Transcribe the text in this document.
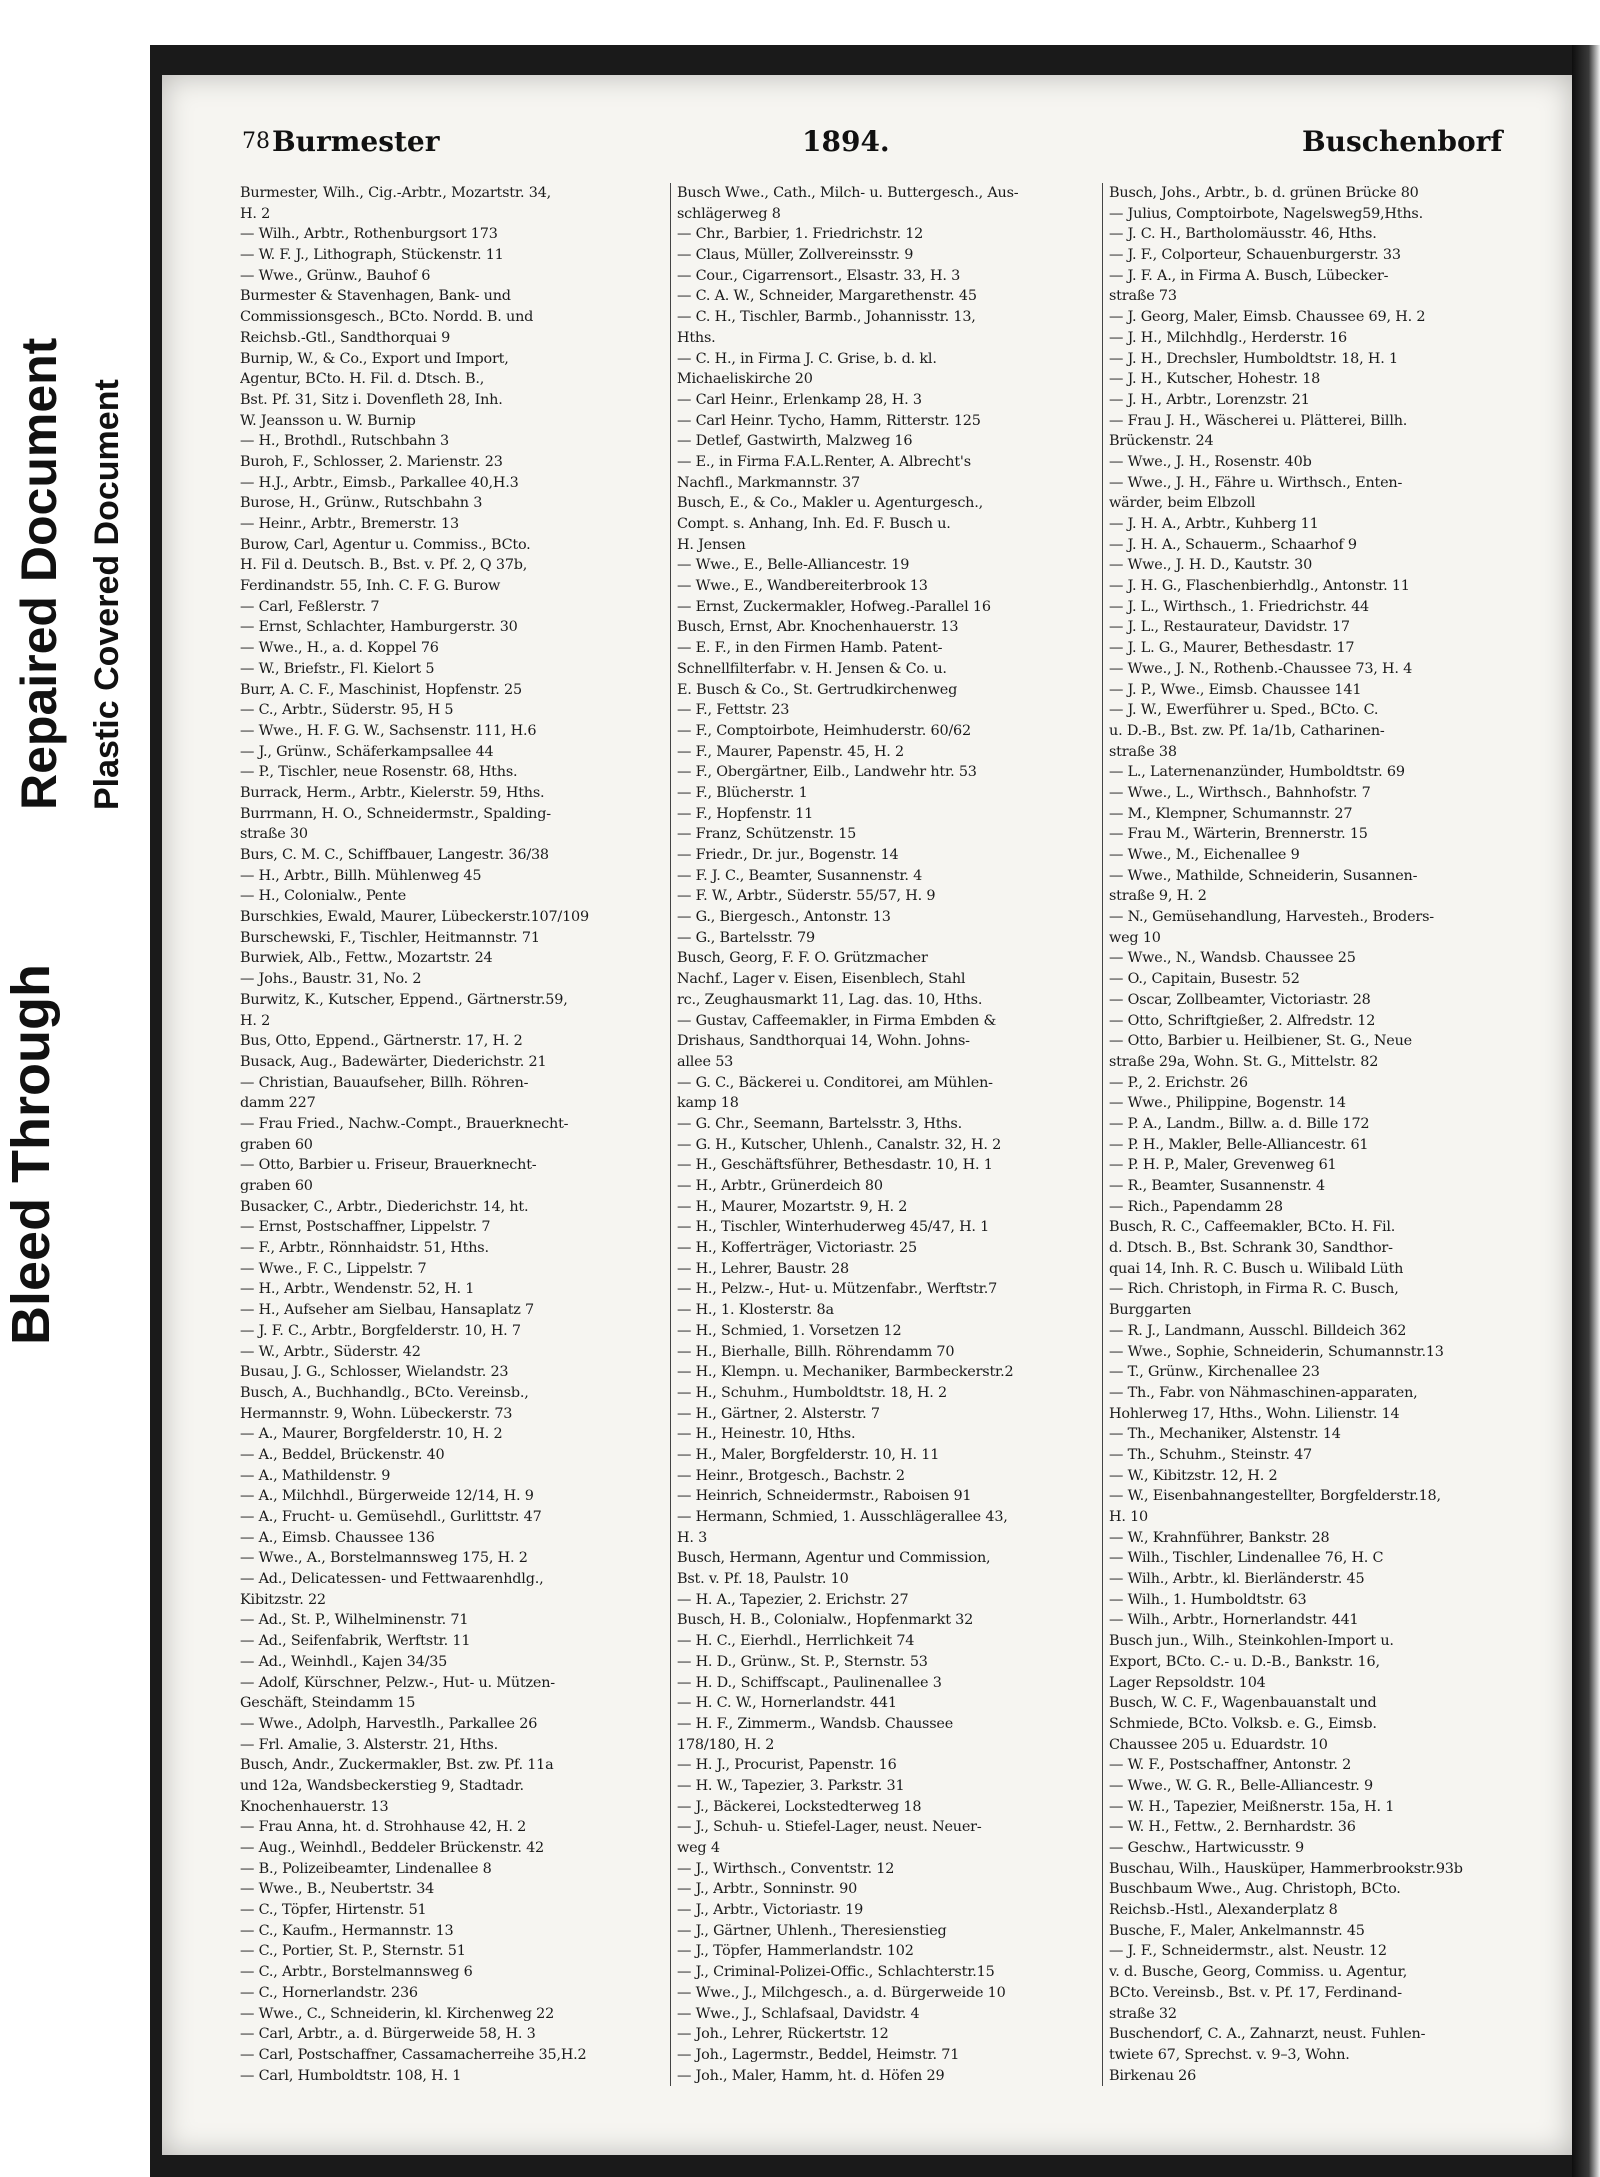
Bleed Through
Repaired Document Plastic Covered Document
78 Burmester	1894.	Buschenborf
Burmester, Wilh., Cig.-Arbtr., Mozartstr. 34,
H. 2
— Wilh., Arbtr., Rothenburgsort 173
— W. F. J., Lithograph, Stückenstr. 11
— Wwe., Grünw., Bauhof 6
Burmester & Stavenhagen, Bank- und
Commissionsgesch., BCto. Nordd. B. und
Reichsb.-Gtl., Sandthorquai 9
Burnip, W., & Co., Export und Import,
Agentur, BCto. H. Fil. d. Dtsch. B.,
Bst. Pf. 31, Sitz i. Dovenfleth 28, Inh.
W. Jeansson u. W. Burnip
— H., Brothdl., Rutschbahn 3
Buroh, F., Schlosser, 2. Marienstr. 23
— H.J., Arbtr., Eimsb., Parkallee 40,H.3
Burose, H., Grünw., Rutschbahn 3
— Heinr., Arbtr., Bremerstr. 13
Burow, Carl, Agentur u. Commiss., BCto.
H. Fil d. Deutsch. B., Bst. v. Pf. 2, Q 37b,
Ferdinandstr. 55, Inh. C. F. G. Burow
— Carl, Feßlerstr. 7
— Ernst, Schlachter, Hamburgerstr. 30
— Wwe., H., a. d. Koppel 76
— W., Briefstr., Fl. Kielort 5
Burr, A. C. F., Maschinist, Hopfenstr. 25
— C., Arbtr., Süderstr. 95, H 5
— Wwe., H. F. G. W., Sachsenstr. 111, H.6
— J., Grünw., Schäferkampsallee 44
— P., Tischler, neue Rosenstr. 68, Hths.
Burrack, Herm., Arbtr., Kielerstr. 59, Hths.
Burrmann, H. O., Schneidermstr., Spalding-
straße 30
Burs, C. M. C., Schiffbauer, Langestr. 36/38
— H., Arbtr., Billh. Mühlenweg 45
— H., Colonialw., Pente
Burschkies, Ewald, Maurer, Lübeckerstr.107/109
Burschewski, F., Tischler, Heitmannstr. 71
Burwiek, Alb., Fettw., Mozartstr. 24
— Johs., Baustr. 31, No. 2
Burwitz, K., Kutscher, Eppend., Gärtnerstr.59,
H. 2
Bus, Otto, Eppend., Gärtnerstr. 17, H. 2
Busack, Aug., Badewärter, Diederichstr. 21
— Christian, Bauaufseher, Billh. Röhren-
damm 227
— Frau Fried., Nachw.-Compt., Brauerknecht-
graben 60
— Otto, Barbier u. Friseur, Brauerknecht-
graben 60
Busacker, C., Arbtr., Diederichstr. 14, ht.
— Ernst, Postschaffner, Lippelstr. 7
— F., Arbtr., Rönnhaidstr. 51, Hths.
— Wwe., F. C., Lippelstr. 7
— H., Arbtr., Wendenstr. 52, H. 1
— H., Aufseher am Sielbau, Hansaplatz 7
— J. F. C., Arbtr., Borgfelderstr. 10, H. 7
— W., Arbtr., Süderstr. 42
Busau, J. G., Schlosser, Wielandstr. 23
Busch, A., Buchhandlg., BCto. Vereinsb.,
Hermannstr. 9, Wohn. Lübeckerstr. 73
— A., Maurer, Borgfelderstr. 10, H. 2
— A., Beddel, Brückenstr. 40
— A., Mathildenstr. 9
— A., Milchhdl., Bürgerweide 12/14, H. 9
— A., Frucht- u. Gemüsehdl., Gurlittstr. 47
— A., Eimsb. Chaussee 136
— Wwe., A., Borstelmannsweg 175, H. 2
— Ad., Delicatessen- und Fettwaarenhdlg.,
Kibitzstr. 22
— Ad., St. P., Wilhelminenstr. 71
— Ad., Seifenfabrik, Werftstr. 11
— Ad., Weinhdl., Kajen 34/35
— Adolf, Kürschner, Pelzw.-, Hut- u. Mützen-
Geschäft, Steindamm 15
— Wwe., Adolph, Harvestlh., Parkallee 26
— Frl. Amalie, 3. Alsterstr. 21, Hths.
Busch, Andr., Zuckermakler, Bst. zw. Pf. 11a
und 12a, Wandsbeckerstieg 9, Stadtadr.
Knochenhauerstr. 13
— Frau Anna, ht. d. Strohhause 42, H. 2
— Aug., Weinhdl., Beddeler Brückenstr. 42
— B., Polizeibeamter, Lindenallee 8
— Wwe., B., Neubertstr. 34
— C., Töpfer, Hirtenstr. 51
— C., Kaufm., Hermannstr. 13
— C., Portier, St. P., Sternstr. 51
— C., Arbtr., Borstelmannsweg 6
— C., Hornerlandstr. 236
— Wwe., C., Schneiderin, kl. Kirchenweg 22
— Carl, Arbtr., a. d. Bürgerweide 58, H. 3
— Carl, Postschaffner, Cassamacherreihe 35,H.2
— Carl, Humboldtstr. 108, H. 1
Busch Wwe., Cath., Milch- u. Buttergesch., Aus-
schlägerweg 8
— Chr., Barbier, 1. Friedrichstr. 12
— Claus, Müller, Zollvereinsstr. 9
— Cour., Cigarrensort., Elsastr. 33, H. 3
— C. A. W., Schneider, Margarethenstr. 45
— C. H., Tischler, Barmb., Johannisstr. 13,
Hths.
— C. H., in Firma J. C. Grise, b. d. kl.
Michaeliskirche 20
— Carl Heinr., Erlenkamp 28, H. 3
— Carl Heinr. Tycho, Hamm, Ritterstr. 125
— Detlef, Gastwirth, Malzweg 16
— E., in Firma F.A.L.Renter, A. Albrecht's
Nachfl., Markmannstr. 37
Busch, E., & Co., Makler u. Agenturgesch.,
Compt. s. Anhang, Inh. Ed. F. Busch u.
H. Jensen
— Wwe., E., Belle-Alliancestr. 19
— Wwe., E., Wandbereiterbrook 13
— Ernst, Zuckermakler, Hofweg.-Parallel 16
Busch, Ernst, Abr. Knochenhauerstr. 13
— E. F., in den Firmen Hamb. Patent-
Schnellfilterfabr. v. H. Jensen & Co. u.
E. Busch & Co., St. Gertrudkirchenweg
— F., Fettstr. 23
— F., Comptoirbote, Heimhuderstr. 60/62
— F., Maurer, Papenstr. 45, H. 2
— F., Obergärtner, Eilb., Landwehr htr. 53
— F., Blücherstr. 1
— F., Hopfenstr. 11
— Franz, Schützenstr. 15
— Friedr., Dr. jur., Bogenstr. 14
— F. J. C., Beamter, Susannenstr. 4
— F. W., Arbtr., Süderstr. 55/57, H. 9
— G., Biergesch., Antonstr. 13
— G., Bartelsstr. 79
Busch, Georg, F. F. O. Grützmacher
Nachf., Lager v. Eisen, Eisenblech, Stahl
rc., Zeughausmarkt 11, Lag. das. 10, Hths.
— Gustav, Caffeemakler, in Firma Embden &
Drishaus, Sandthorquai 14, Wohn. Johns-
allee 53
— G. C., Bäckerei u. Conditorei, am Mühlen-
kamp 18
— G. Chr., Seemann, Bartelsstr. 3, Hths.
— G. H., Kutscher, Uhlenh., Canalstr. 32, H. 2
— H., Geschäftsführer, Bethesdastr. 10, H. 1
— H., Arbtr., Grünerdeich 80
— H., Maurer, Mozartstr. 9, H. 2
— H., Tischler, Winterhuderweg 45/47, H. 1
— H., Kofferträger, Victoriastr. 25
— H., Lehrer, Baustr. 28
— H., Pelzw.-, Hut- u. Mützenfabr., Werftstr.7
— H., 1. Klosterstr. 8a
— H., Schmied, 1. Vorsetzen 12
— H., Bierhalle, Billh. Röhrendamm 70
— H., Klempn. u. Mechaniker, Barmbeckerstr.2
— H., Schuhm., Humboldtstr. 18, H. 2
— H., Gärtner, 2. Alsterstr. 7
— H., Heinestr. 10, Hths.
— H., Maler, Borgfelderstr. 10, H. 11
— Heinr., Brotgesch., Bachstr. 2
— Heinrich, Schneidermstr., Raboisen 91
— Hermann, Schmied, 1. Ausschlägerallee 43,
H. 3
Busch, Hermann, Agentur und Commission,
Bst. v. Pf. 18, Paulstr. 10
— H. A., Tapezier, 2. Erichstr. 27
Busch, H. B., Colonialw., Hopfenmarkt 32
— H. C., Eierhdl., Herrlichkeit 74
— H. D., Grünw., St. P., Sternstr. 53
— H. D., Schiffscapt., Paulinenallee 3
— H. C. W., Hornerlandstr. 441
— H. F., Zimmerm., Wandsb. Chaussee
178/180, H. 2
— H. J., Procurist, Papenstr. 16
— H. W., Tapezier, 3. Parkstr. 31
— J., Bäckerei, Lockstedterweg 18
— J., Schuh- u. Stiefel-Lager, neust. Neuer-
weg 4
— J., Wirthsch., Conventstr. 12
— J., Arbtr., Sonninstr. 90
— J., Arbtr., Victoriastr. 19
— J., Gärtner, Uhlenh., Theresienstieg
— J., Töpfer, Hammerlandstr. 102
— J., Criminal-Polizei-Offic., Schlachterstr.15
— Wwe., J., Milchgesch., a. d. Bürgerweide 10
— Wwe., J., Schlafsaal, Davidstr. 4
— Joh., Lehrer, Rückertstr. 12
— Joh., Lagermstr., Beddel, Heimstr. 71
— Joh., Maler, Hamm, ht. d. Höfen 29
Busch, Johs., Arbtr., b. d. grünen Brücke 80
— Julius, Comptoirbote, Nagelsweg59,Hths.
— J. C. H., Bartholomäusstr. 46, Hths.
— J. F., Colporteur, Schauenburgerstr. 33
— J. F. A., in Firma A. Busch, Lübecker-
straße 73
— J. Georg, Maler, Eimsb. Chaussee 69, H. 2
— J. H., Milchhdlg., Herderstr. 16
— J. H., Drechsler, Humboldtstr. 18, H. 1
— J. H., Kutscher, Hohestr. 18
— J. H., Arbtr., Lorenzstr. 21
— Frau J. H., Wäscherei u. Plätterei, Billh.
Brückenstr. 24
— Wwe., J. H., Rosenstr. 40b
— Wwe., J. H., Fähre u. Wirthsch., Enten-
wärder, beim Elbzoll
— J. H. A., Arbtr., Kuhberg 11
— J. H. A., Schauerm., Schaarhof 9
— Wwe., J. H. D., Kautstr. 30
— J. H. G., Flaschenbierhdlg., Antonstr. 11
— J. L., Wirthsch., 1. Friedrichstr. 44
— J. L., Restaurateur, Davidstr. 17
— J. L. G., Maurer, Bethesdastr. 17
— Wwe., J. N., Rothenb.-Chaussee 73, H. 4
— J. P., Wwe., Eimsb. Chaussee 141
— J. W., Ewerführer u. Sped., BCto. C.
u. D.-B., Bst. zw. Pf. 1a/1b, Catharinen-
straße 38
— L., Laternenanzünder, Humboldtstr. 69
— Wwe., L., Wirthsch., Bahnhofstr. 7
— M., Klempner, Schumannstr. 27
— Frau M., Wärterin, Brennerstr. 15
— Wwe., M., Eichenallee 9
— Wwe., Mathilde, Schneiderin, Susannen-
straße 9, H. 2
— N., Gemüsehandlung, Harvesteh., Broders-
weg 10
— Wwe., N., Wandsb. Chaussee 25
— O., Capitain, Busestr. 52
— Oscar, Zollbeamter, Victoriastr. 28
— Otto, Schriftgießer, 2. Alfredstr. 12
— Otto, Barbier u. Heilbiener, St. G., Neue
straße 29a, Wohn. St. G., Mittelstr. 82
— P., 2. Erichstr. 26
— Wwe., Philippine, Bogenstr. 14
— P. A., Landm., Billw. a. d. Bille 172
— P. H., Makler, Belle-Alliancestr. 61
— P. H. P., Maler, Grevenweg 61
— R., Beamter, Susannenstr. 4
— Rich., Papendamm 28
Busch, R. C., Caffeemakler, BCto. H. Fil.
d. Dtsch. B., Bst. Schrank 30, Sandthor-
quai 14, Inh. R. C. Busch u. Wilibald Lüth
— Rich. Christoph, in Firma R. C. Busch,
Burggarten
— R. J., Landmann, Ausschl. Billdeich 362
— Wwe., Sophie, Schneiderin, Schumannstr.13
— T., Grünw., Kirchenallee 23
— Th., Fabr. von Nähmaschinen-apparaten,
Hohlerweg 17, Hths., Wohn. Lilienstr. 14
— Th., Mechaniker, Alstenstr. 14
— Th., Schuhm., Steinstr. 47
— W., Kibitzstr. 12, H. 2
— W., Eisenbahnangestellter, Borgfelderstr.18,
H. 10
— W., Krahnführer, Bankstr. 28
— Wilh., Tischler, Lindenallee 76, H. C
— Wilh., Arbtr., kl. Bierländerstr. 45
— Wilh., 1. Humboldtstr. 63
— Wilh., Arbtr., Hornerlandstr. 441
Busch jun., Wilh., Steinkohlen-Import u.
Export, BCto. C.- u. D.-B., Bankstr. 16,
Lager Repsoldstr. 104
Busch, W. C. F., Wagenbauanstalt und
Schmiede, BCto. Volksb. e. G., Eimsb.
Chaussee 205 u. Eduardstr. 10
— W. F., Postschaffner, Antonstr. 2
— Wwe., W. G. R., Belle-Alliancestr. 9
— W. H., Tapezier, Meißnerstr. 15a, H. 1
— W. H., Fettw., 2. Bernhardstr. 36
— Geschw., Hartwicusstr. 9
Buschau, Wilh., Hausküper, Hammerbrookstr.93b
Buschbaum Wwe., Aug. Christoph, BCto.
Reichsb.-Hstl., Alexanderplatz 8
Busche, F., Maler, Ankelmannstr. 45
— J. F., Schneidermstr., alst. Neustr. 12
v. d. Busche, Georg, Commiss. u. Agentur,
BCto. Vereinsb., Bst. v. Pf. 17, Ferdinand-
straße 32
Buschendorf, C. A., Zahnarzt, neust. Fuhlen-
twiete 67, Sprechst. v. 9–3, Wohn.
Birkenau 26
